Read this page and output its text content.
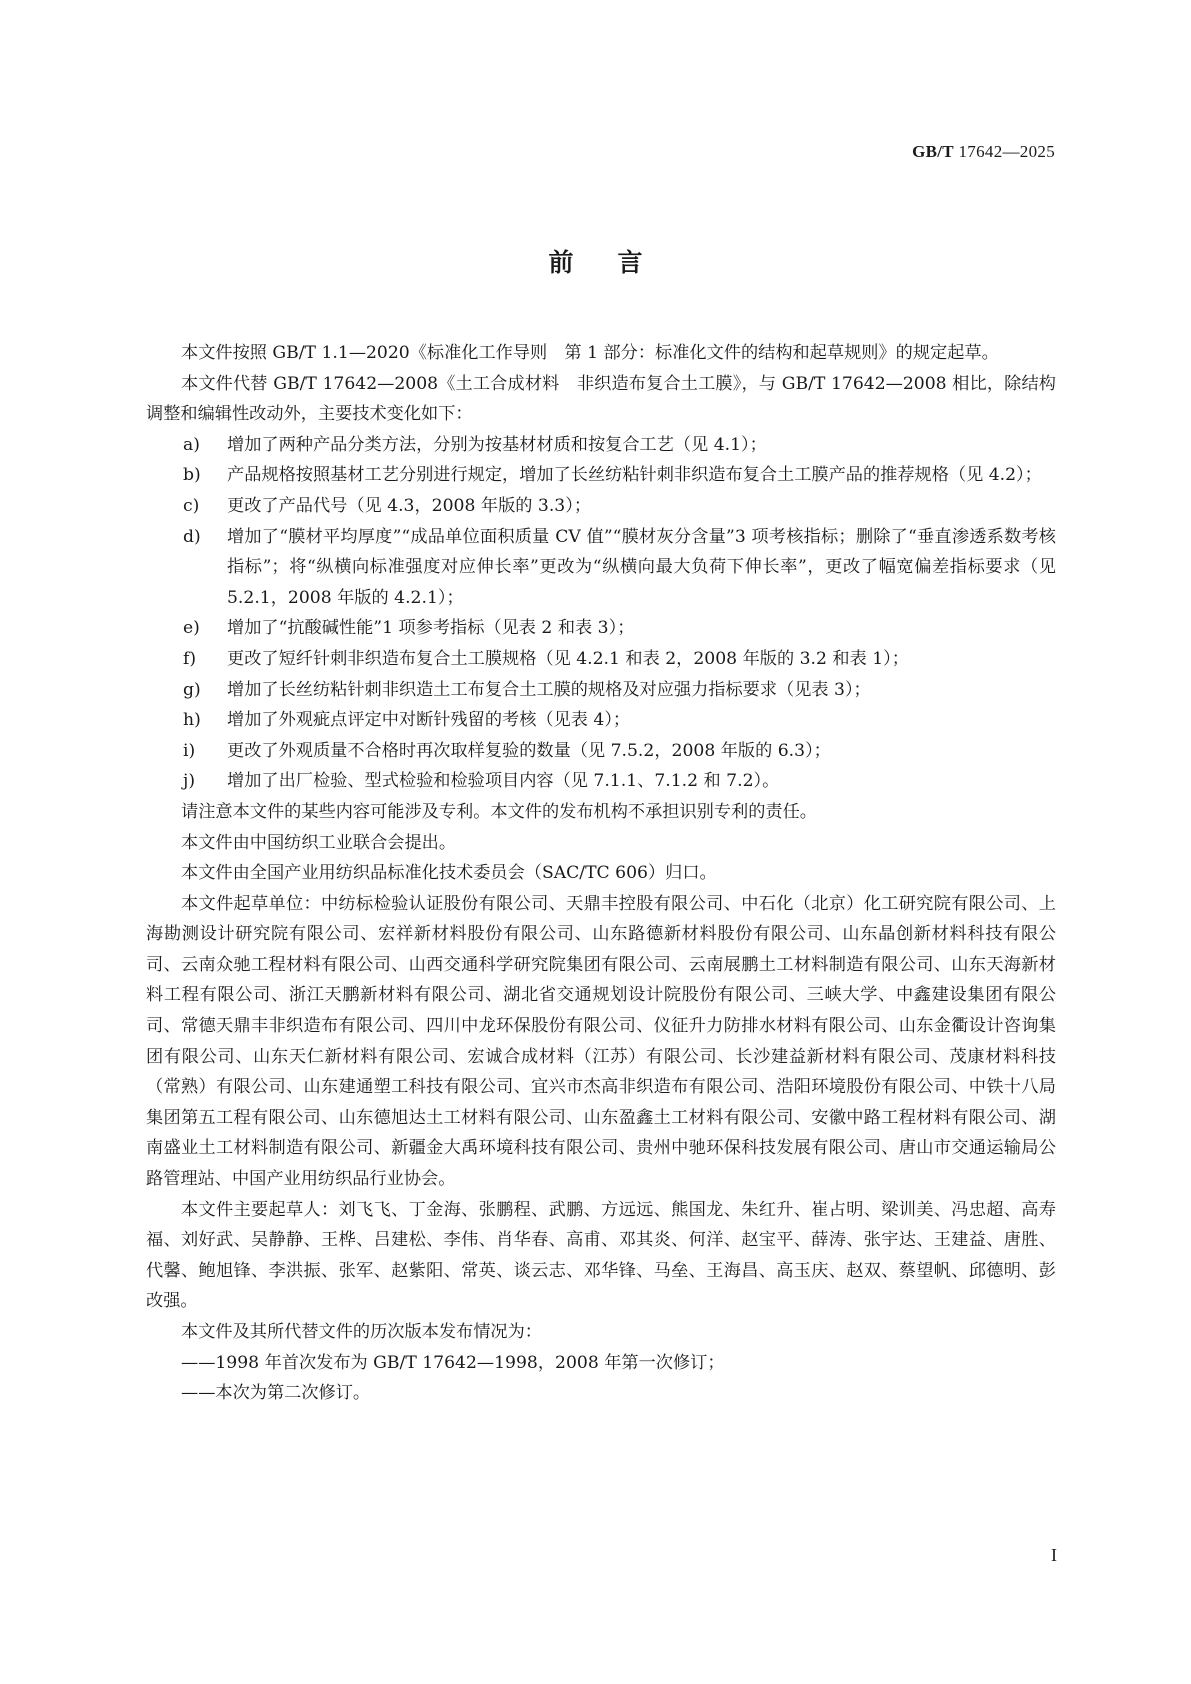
GB/T 17642—2025
前言

本文件按照 GB/T 1.1—2020《标准化工作导则　第 1 部分：标准化文件的结构和起草规则》的规定起草。

本文件代替 GB/T 17642—2008《土工合成材料　非织造布复合土工膜》，与 GB/T 17642—2008 相比，除结构调整和编辑性改动外，主要技术变化如下：

a) 增加了两种产品分类方法，分别为按基材材质和按复合工艺（见 4.1）；

b) 产品规格按照基材工艺分别进行规定，增加了长丝纺粘针刺非织造布复合土工膜产品的推荐规格（见 4.2）；

c) 更改了产品代号（见 4.3，2008 年版的 3.3）；

d) 增加了“膜材平均厚度”“成品单位面积质量 CV 值”“膜材灰分含量”3 项考核指标；删除了“垂直渗透系数考核指标”；将“纵横向标准强度对应伸长率”更改为“纵横向最大负荷下伸长率”，更改了幅宽偏差指标要求（见 5.2.1，2008 年版的 4.2.1）；

e) 增加了“抗酸碱性能”1 项参考指标（见表 2 和表 3）；

f) 更改了短纤针刺非织造布复合土工膜规格（见 4.2.1 和表 2，2008 年版的 3.2 和表 1）；

g) 增加了长丝纺粘针刺非织造土工布复合土工膜的规格及对应强力指标要求（见表 3）；

h) 增加了外观疵点评定中对断针残留的考核（见表 4）；

i) 更改了外观质量不合格时再次取样复验的数量（见 7.5.2，2008 年版的 6.3）；

j) 增加了出厂检验、型式检验和检验项目内容（见 7.1.1、7.1.2 和 7.2）。

请注意本文件的某些内容可能涉及专利。本文件的发布机构不承担识别专利的责任。

本文件由中国纺织工业联合会提出。

本文件由全国产业用纺织品标准化技术委员会（SAC/TC 606）归口。

本文件起草单位：中纺标检验认证股份有限公司、天鼎丰控股有限公司、中石化（北京）化工研究院有限公司、上海勘测设计研究院有限公司、宏祥新材料股份有限公司、山东路德新材料股份有限公司、山东晶创新材料科技有限公司、云南众驰工程材料有限公司、山西交通科学研究院集团有限公司、云南展鹏土工材料制造有限公司、山东天海新材料工程有限公司、浙江天鹏新材料有限公司、湖北省交通规划设计院股份有限公司、三峡大学、中鑫建设集团有限公司、常德天鼎丰非织造布有限公司、四川中龙环保股份有限公司、仪征升力防排水材料有限公司、山东金衢设计咨询集团有限公司、山东天仁新材料有限公司、宏诚合成材料（江苏）有限公司、长沙建益新材料有限公司、茂康材料科技（常熟）有限公司、山东建通塑工科技有限公司、宜兴市杰高非织造布有限公司、浩阳环境股份有限公司、中铁十八局集团第五工程有限公司、山东德旭达土工材料有限公司、山东盈鑫土工材料有限公司、安徽中路工程材料有限公司、湖南盛业土工材料制造有限公司、新疆金大禹环境科技有限公司、贵州中驰环保科技发展有限公司、唐山市交通运输局公路管理站、中国产业用纺织品行业协会。

本文件主要起草人：刘飞飞、丁金海、张鹏程、武鹏、方远远、熊国龙、朱红升、崔占明、梁训美、冯忠超、高寿福、刘好武、吴静静、王桦、吕建松、李伟、肖华春、高甫、邓其炎、何洋、赵宝平、薛涛、张宇达、王建益、唐胜、代馨、鲍旭锋、李洪振、张军、赵紫阳、常英、谈云志、邓华锋、马垒、王海昌、高玉庆、赵双、蔡望帆、邱德明、彭改强。

本文件及其所代替文件的历次版本发布情况为：

——1998 年首次发布为 GB/T 17642—1998，2008 年第一次修订；

——本次为第二次修订。

I
